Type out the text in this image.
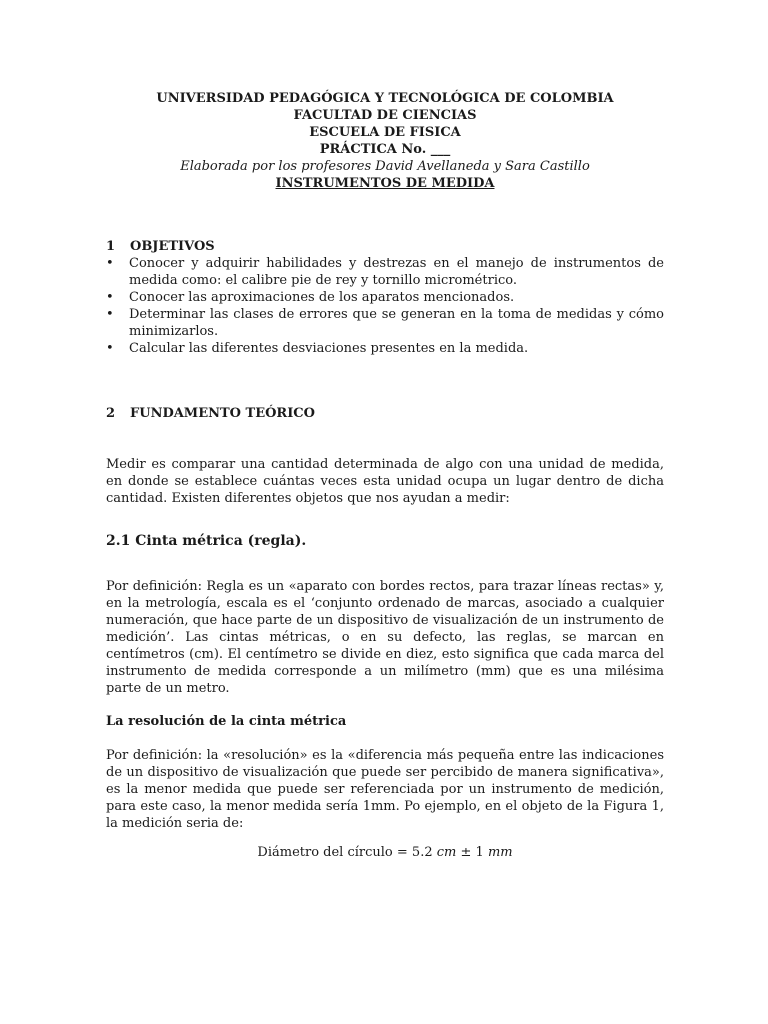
UNIVERSIDAD PEDAGÓGICA Y TECNOLÓGICA DE COLOMBIA
FACULTAD DE CIENCIAS
ESCUELA DE FISICA
PRÁCTICA No. ___
Elaborada por los profesores David Avellaneda y Sara Castillo
INSTRUMENTOS DE MEDIDA
1 OBJETIVOS
• Conocer y adquirir habilidades y destrezas en el manejo de instrumentos de medida como: el calibre pie de rey y tornillo micrométrico.
• Conocer las aproximaciones de los aparatos mencionados.
• Determinar las clases de errores que se generan en la toma de medidas y cómo minimizarlos.
• Calcular las diferentes desviaciones presentes en la medida.
2 FUNDAMENTO TEÓRICO

Medir es comparar una cantidad determinada de algo con una unidad de medida, en donde se establece cuántas veces esta unidad ocupa un lugar dentro de dicha cantidad. Existen diferentes objetos que nos ayudan a medir:

2.1 Cinta métrica (regla).

Por definición: Regla es un «aparato con bordes rectos, para trazar líneas rectas» y, en la metrología, escala es el ‘conjunto ordenado de marcas, asociado a cualquier numeración, que hace parte de un dispositivo de visualización de un instrumento de medición’. Las cintas métricas, o en su defecto, las reglas, se marcan en centímetros (cm). El centímetro se divide en diez, esto significa que cada marca del instrumento de medida corresponde a un milímetro (mm) que es una milésima parte de un metro.

La resolución de la cinta métrica

Por definición: la «resolución» es la «diferencia más pequeña entre las indicaciones de un dispositivo de visualización que puede ser percibido de manera significativa», es la menor medida que puede ser referenciada por un instrumento de medición, para este caso, la menor medida sería 1mm. Po ejemplo, en el objeto de la Figura 1, la medición seria de:

Diámetro del círculo = 5.2 cm ± 1 mm
